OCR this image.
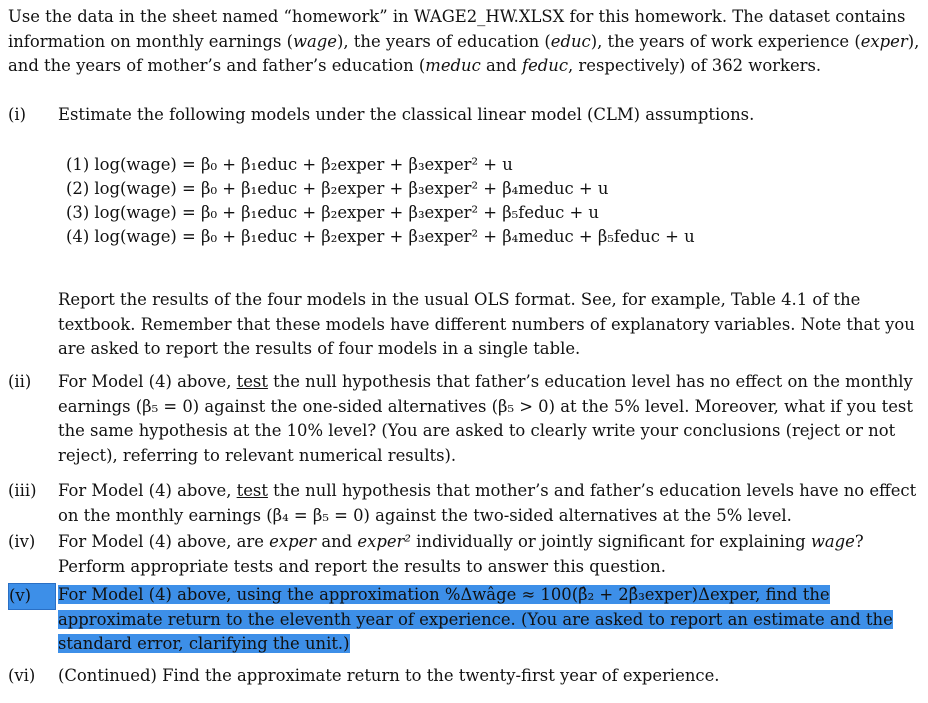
Use the data in the sheet named “homework” in WAGE2_HW.XLSX for this homework. The dataset contains information on monthly earnings (wage), the years of education (educ), the years of work experience (exper), and the years of mother’s and father’s education (meduc and feduc, respectively) of 362 workers.
(i)	Estimate the following models under the classical linear model (CLM) assumptions.
(1) log(wage) = β₀ + β₁educ + β₂exper + β₃exper² + u
(2) log(wage) = β₀ + β₁educ + β₂exper + β₃exper² + β₄meduc + u
(3) log(wage) = β₀ + β₁educ + β₂exper + β₃exper² + β₅feduc + u
(4) log(wage) = β₀ + β₁educ + β₂exper + β₃exper² + β₄meduc + β₅feduc + u
Report the results of the four models in the usual OLS format. See, for example, Table 4.1 of the textbook. Remember that these models have different numbers of explanatory variables. Note that you are asked to report the results of four models in a single table.
(ii)	For Model (4) above, test the null hypothesis that father’s education level has no effect on the monthly earnings (β₅ = 0) against the one-sided alternatives (β₅ > 0) at the 5% level. Moreover, what if you test the same hypothesis at the 10% level? (You are asked to clearly write your conclusions (reject or not reject), referring to relevant numerical results).
(iii)	For Model (4) above, test the null hypothesis that mother’s and father’s education levels have no effect on the monthly earnings (β₄ = β₅ = 0) against the two-sided alternatives at the 5% level.
(iv)	For Model (4) above, are exper and exper² individually or jointly significant for explaining wage? Perform appropriate tests and report the results to answer this question.
(v)	For Model (4) above, using the approximation %Δwâge ≈ 100(β̂₂ + 2β̂₃exper)Δexper, find the approximate return to the eleventh year of experience. (You are asked to report an estimate and the standard error, clarifying the unit.)
(vi)	(Continued) Find the approximate return to the twenty-first year of experience.
